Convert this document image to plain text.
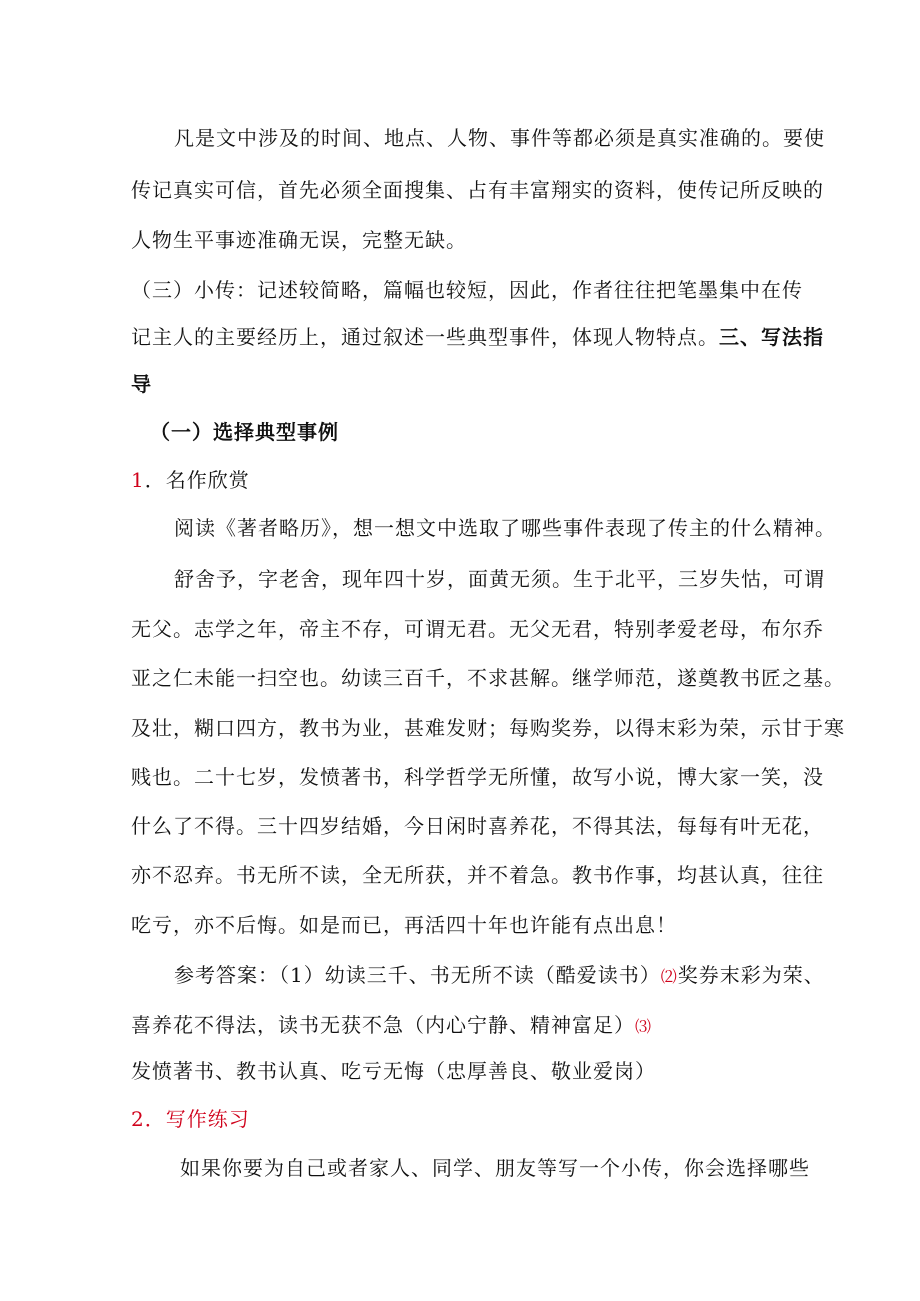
凡是文中涉及的时间、地点、人物、事件等都必须是真实准确的。要使
传记真实可信，首先必须全面搜集、占有丰富翔实的资料，使传记所反映的
人物生平事迹准确无误，完整无缺。
（三）小传：记述较简略，篇幅也较短，因此，作者往往把笔墨集中在传
记主人的主要经历上，通过叙述一些典型事件，体现人物特点。三、写法指
导
（一）选择典型事例
1．名作欣赏
阅读《著者略历》，想一想文中选取了哪些事件表现了传主的什么精神。
舒舍予，字老舍，现年四十岁，面黄无须。生于北平，三岁失怙，可谓
无父。志学之年，帝主不存，可谓无君。无父无君，特别孝爱老母，布尔乔
亚之仁未能一扫空也。幼读三百千，不求甚解。继学师范，遂奠教书匠之基。
及壮，糊口四方，教书为业，甚难发财；每购奖券，以得末彩为荣，示甘于寒
贱也。二十七岁，发愤著书，科学哲学无所懂，故写小说，博大家一笑，没
什么了不得。三十四岁结婚，今日闲时喜养花，不得其法，每每有叶无花，
亦不忍弃。书无所不读，全无所获，并不着急。教书作事，均甚认真，往往
吃亏，亦不后悔。如是而已，再活四十年也许能有点出息！
参考答案：（1）幼读三千、书无所不读（酷爱读书）⑵奖券末彩为荣、
喜养花不得法，读书无获不急（内心宁静、精神富足）⑶
发愤著书、教书认真、吃亏无悔（忠厚善良、敬业爱岗）
2．写作练习
如果你要为自己或者家人、同学、朋友等写一个小传，你会选择哪些
